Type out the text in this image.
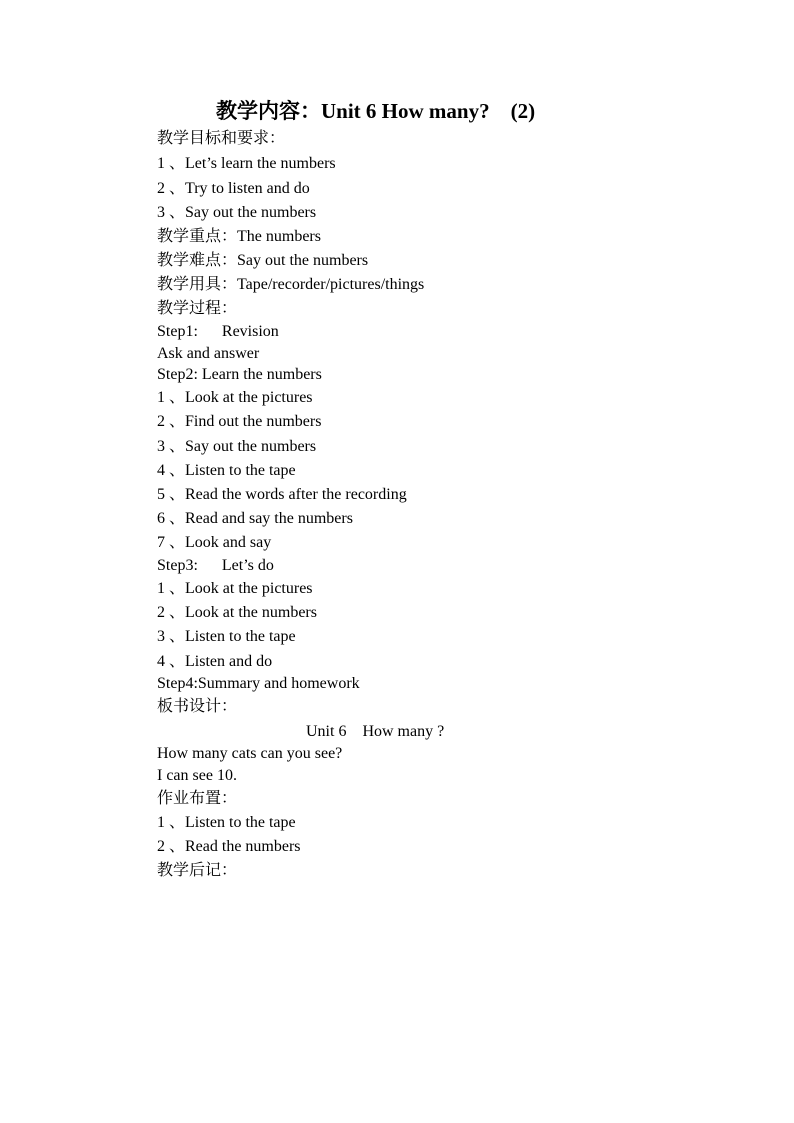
教学内容：Unit 6 How many?    (2)
教学目标和要求：
1 、Let’s learn the numbers
2 、Try to listen and do
3 、Say out the numbers
教学重点：The numbers
教学难点：Say out the numbers
教学用具：Tape/recorder/pictures/things
教学过程：
Step1:      Revision
Ask and answer
Step2: Learn the numbers
1 、Look at the pictures
2 、Find out the numbers
3 、Say out the numbers
4 、Listen to the tape
5 、Read the words after the recording
6 、Read and say the numbers
7 、Look and say
Step3:      Let’s do
1 、Look at the pictures
2 、Look at the numbers
3 、Listen to the tape
4 、Listen and do
Step4:Summary and homework
板书设计：
Unit 6    How many ?
How many cats can you see?
I can see 10.
作业布置：
1 、Listen to the tape
2 、Read the numbers
教学后记：
